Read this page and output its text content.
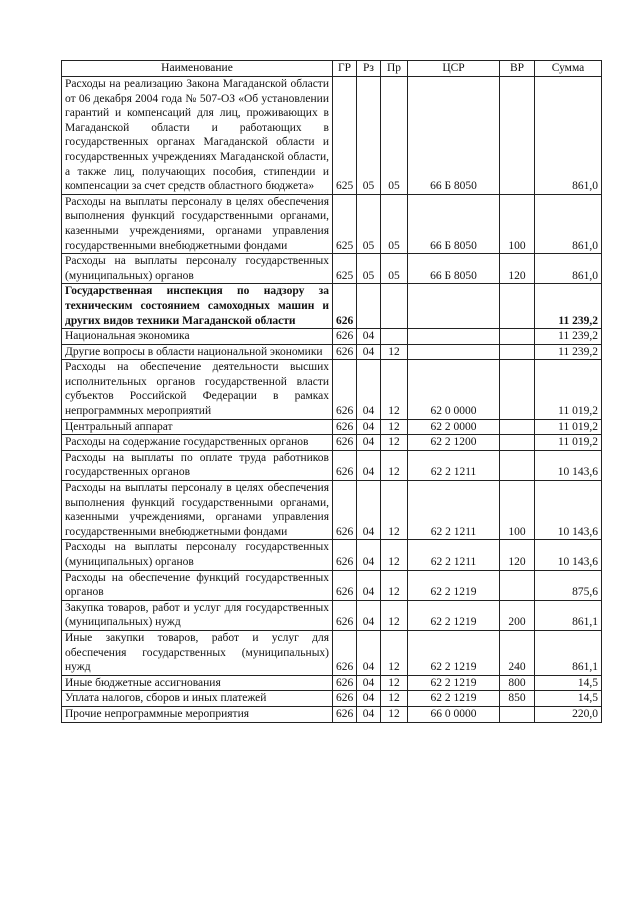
Наименование	ГР	Рз	Пр	ЦСР	ВР	Сумма
Расходы на реализацию Закона Магаданской области от 06 декабря 2004 года № 507-ОЗ «Об установлении гарантий и компенсаций для лиц, проживающих в Магаданской области и работающих в государственных органах Магаданской области и государственных учреждениях Магаданской области, а также лиц, получающих пособия, стипендии и компенсации за счет средств областного бюджета»	625	05	05	66 Б 8050		861,0
Расходы на выплаты персоналу в целях обеспечения выполнения функций государственными органами, казенными учреждениями, органами управления государственными внебюджетными фондами	625	05	05	66 Б 8050	100	861,0
Расходы на выплаты персоналу государственных (муниципальных) органов	625	05	05	66 Б 8050	120	861,0
Государственная инспекция по надзору за техническим состоянием самоходных машин и других видов техники Магаданской области	626					11 239,2
Национальная экономика	626	04				11 239,2
Другие вопросы в области национальной экономики	626	04	12			11 239,2
Расходы на обеспечение деятельности высших исполнительных органов государственной власти субъектов Российской Федерации в рамках непрограммных мероприятий	626	04	12	62 0 0000		11 019,2
Центральный аппарат	626	04	12	62 2 0000		11 019,2
Расходы на содержание государственных органов	626	04	12	62 2 1200		11 019,2
Расходы на выплаты по оплате труда работников государственных органов	626	04	12	62 2 1211		10 143,6
Расходы на выплаты персоналу в целях обеспечения выполнения функций государственными органами, казенными учреждениями, органами управления государственными внебюджетными фондами	626	04	12	62 2 1211	100	10 143,6
Расходы на выплаты персоналу государственных (муниципальных) органов	626	04	12	62 2 1211	120	10 143,6
Расходы на обеспечение функций государственных органов	626	04	12	62 2 1219		875,6
Закупка товаров, работ и услуг для государственных (муниципальных) нужд	626	04	12	62 2 1219	200	861,1
Иные закупки товаров, работ и услуг для обеспечения государственных (муниципальных) нужд	626	04	12	62 2 1219	240	861,1
Иные бюджетные ассигнования	626	04	12	62 2 1219	800	14,5
Уплата налогов, сборов и иных платежей	626	04	12	62 2 1219	850	14,5
Прочие непрограммные мероприятия	626	04	12	66 0 0000		220,0
